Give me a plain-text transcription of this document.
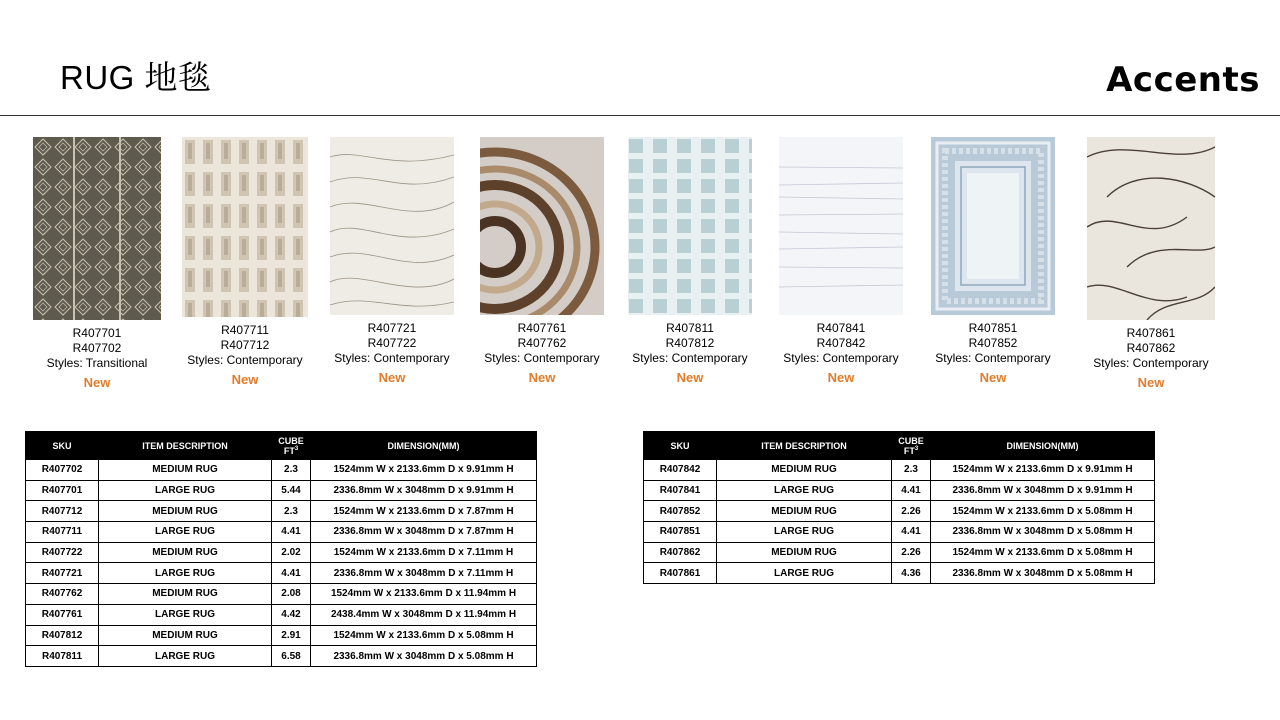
RUG 地毯	Accents
R407701
R407702
Styles: Transitional
New
R407711
R407712
Styles: Contemporary
New
R407721
R407722
Styles: Contemporary
New
R407761
R407762
Styles: Contemporary
New
R407811
R407812
Styles: Contemporary
New
R407841
R407842
Styles: Contemporary
New
R407851
R407852
Styles: Contemporary
New
R407861
R407862
Styles: Contemporary
New
SKU	ITEM DESCRIPTION	CUBE $FT^3$	DIMENSION(MM)
R407702	MEDIUM RUG	2.3	1524mm W x 2133.6mm D x 9.91mm H
R407701	LARGE RUG	5.44	2336.8mm W x 3048mm D x 9.91mm H
R407712	MEDIUM RUG	2.3	1524mm W x 2133.6mm D x 7.87mm H
R407711	LARGE RUG	4.41	2336.8mm W x 3048mm D x 7.87mm H
R407722	MEDIUM RUG	2.02	1524mm W x 2133.6mm D x 7.11mm H
R407721	LARGE RUG	4.41	2336.8mm W x 3048mm D x 7.11mm H
R407762	MEDIUM RUG	2.08	1524mm W x 2133.6mm D x 11.94mm H
R407761	LARGE RUG	4.42	2438.4mm W x 3048mm D x 11.94mm H
R407812	MEDIUM RUG	2.91	1524mm W x 2133.6mm D x 5.08mm H
R407811	LARGE RUG	6.58	2336.8mm W x 3048mm D x 5.08mm H
SKU	ITEM DESCRIPTION	CUBE $FT^3$	DIMENSION(MM)
R407842	MEDIUM RUG	2.3	1524mm W x 2133.6mm D x 9.91mm H
R407841	LARGE RUG	4.41	2336.8mm W x 3048mm D x 9.91mm H
R407852	MEDIUM RUG	2.26	1524mm W x 2133.6mm D x 5.08mm H
R407851	LARGE RUG	4.41	2336.8mm W x 3048mm D x 5.08mm H
R407862	MEDIUM RUG	2.26	1524mm W x 2133.6mm D x 5.08mm H
R407861	LARGE RUG	4.36	2336.8mm W x 3048mm D x 5.08mm H
